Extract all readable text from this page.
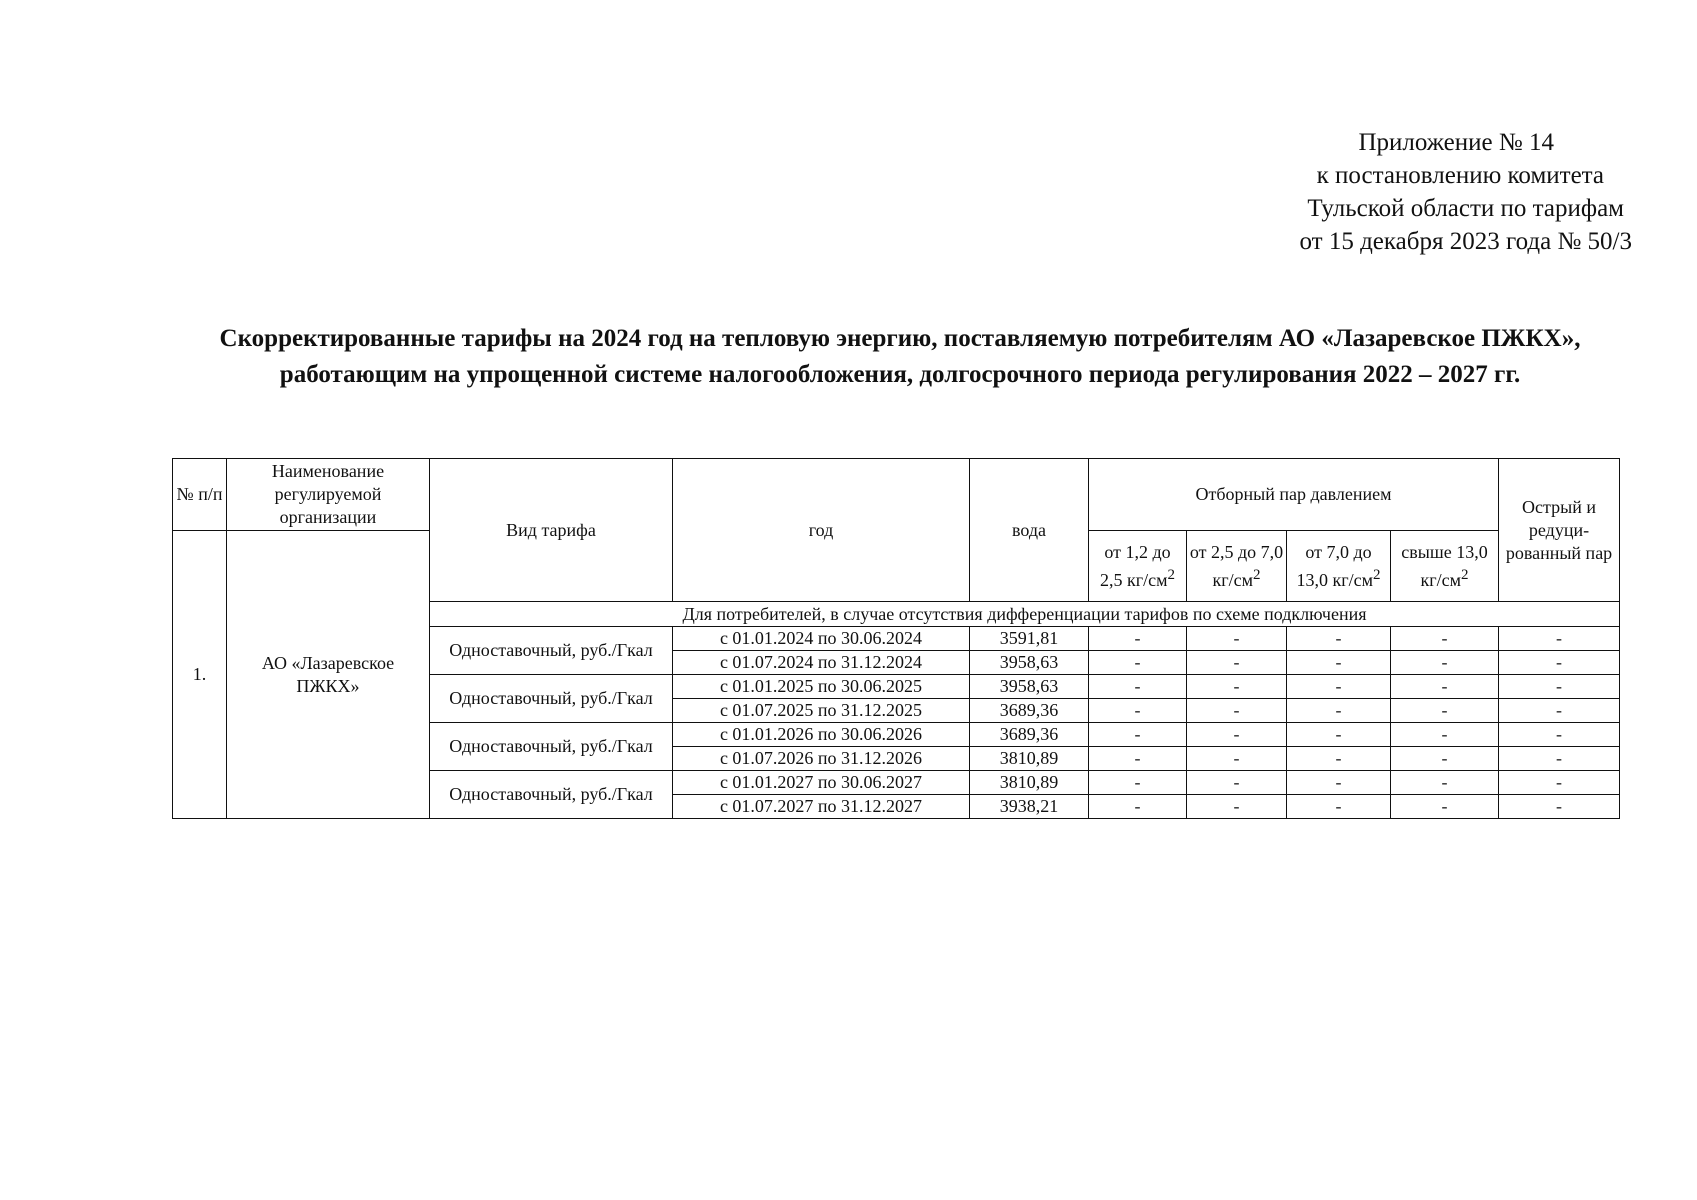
Приложение № 14
к постановлению комитета
Тульской области по тарифам
от 15 декабря 2023 года № 50/3
Скорректированные тарифы на 2024 год на тепловую энергию, поставляемую потребителям АО «Лазаревское ПЖКХ», работающим на упрощенной системе налогообложения, долгосрочного периода регулирования 2022 – 2027 гг.
№ п/п	Наименование регулируемой организации	Вид тарифа	год	вода	Отборный пар давлением				Острый и редуци-рованный пар
1.	АО «Лазаревское ПЖКХ»				от 1,2 до 2,5 $кг/см^2$	от 2,5 до 7,0 $кг/см^2$	от 7,0 до 13,0 $кг/см^2$	свыше 13,0 $кг/см^2$
		Для потребителей, в случае отсутствия дифференциации тарифов по схеме подключения							
		Одноставочный, руб./Гкал	с 01.01.2024 по 30.06.2024	3591,81	-	-	-	-	-
			с 01.07.2024 по 31.12.2024	3958,63	-	-	-	-	-
		Одноставочный, руб./Гкал	с 01.01.2025 по 30.06.2025	3958,63	-	-	-	-	-
			с 01.07.2025 по 31.12.2025	3689,36	-	-	-	-	-
		Одноставочный, руб./Гкал	с 01.01.2026 по 30.06.2026	3689,36	-	-	-	-	-
			с 01.07.2026 по 31.12.2026	3810,89	-	-	-	-	-
		Одноставочный, руб./Гкал	с 01.01.2027 по 30.06.2027	3810,89	-	-	-	-	-
			с 01.07.2027 по 31.12.2027	3938,21	-	-	-	-	-
